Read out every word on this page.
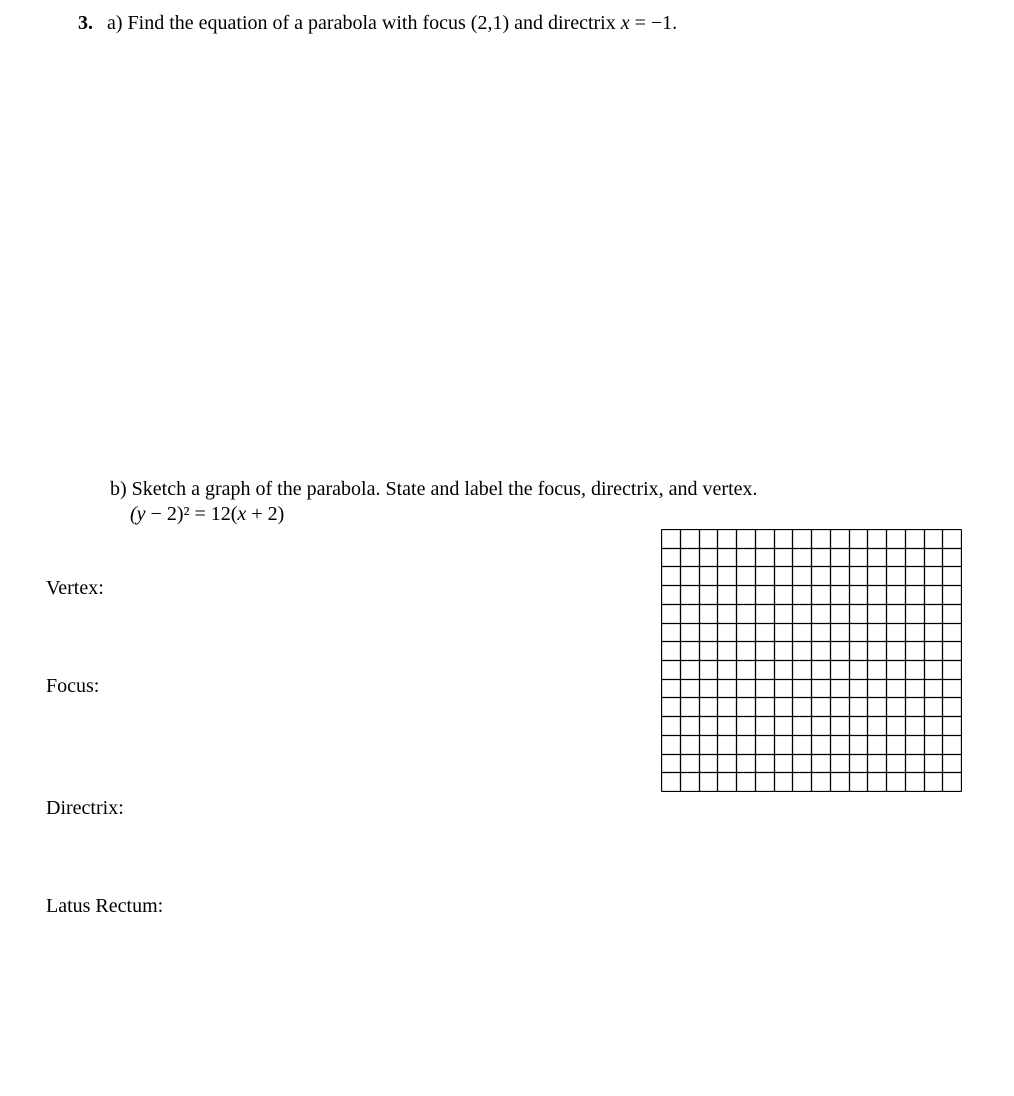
3. a) Find the equation of a parabola with focus (2,1) and directrix x = −1.
b) Sketch a graph of the parabola. State and label the focus, directrix, and vertex.
(y − 2)² = 12(x + 2)
Vertex:
Focus:
Directrix:
Latus Rectum:
